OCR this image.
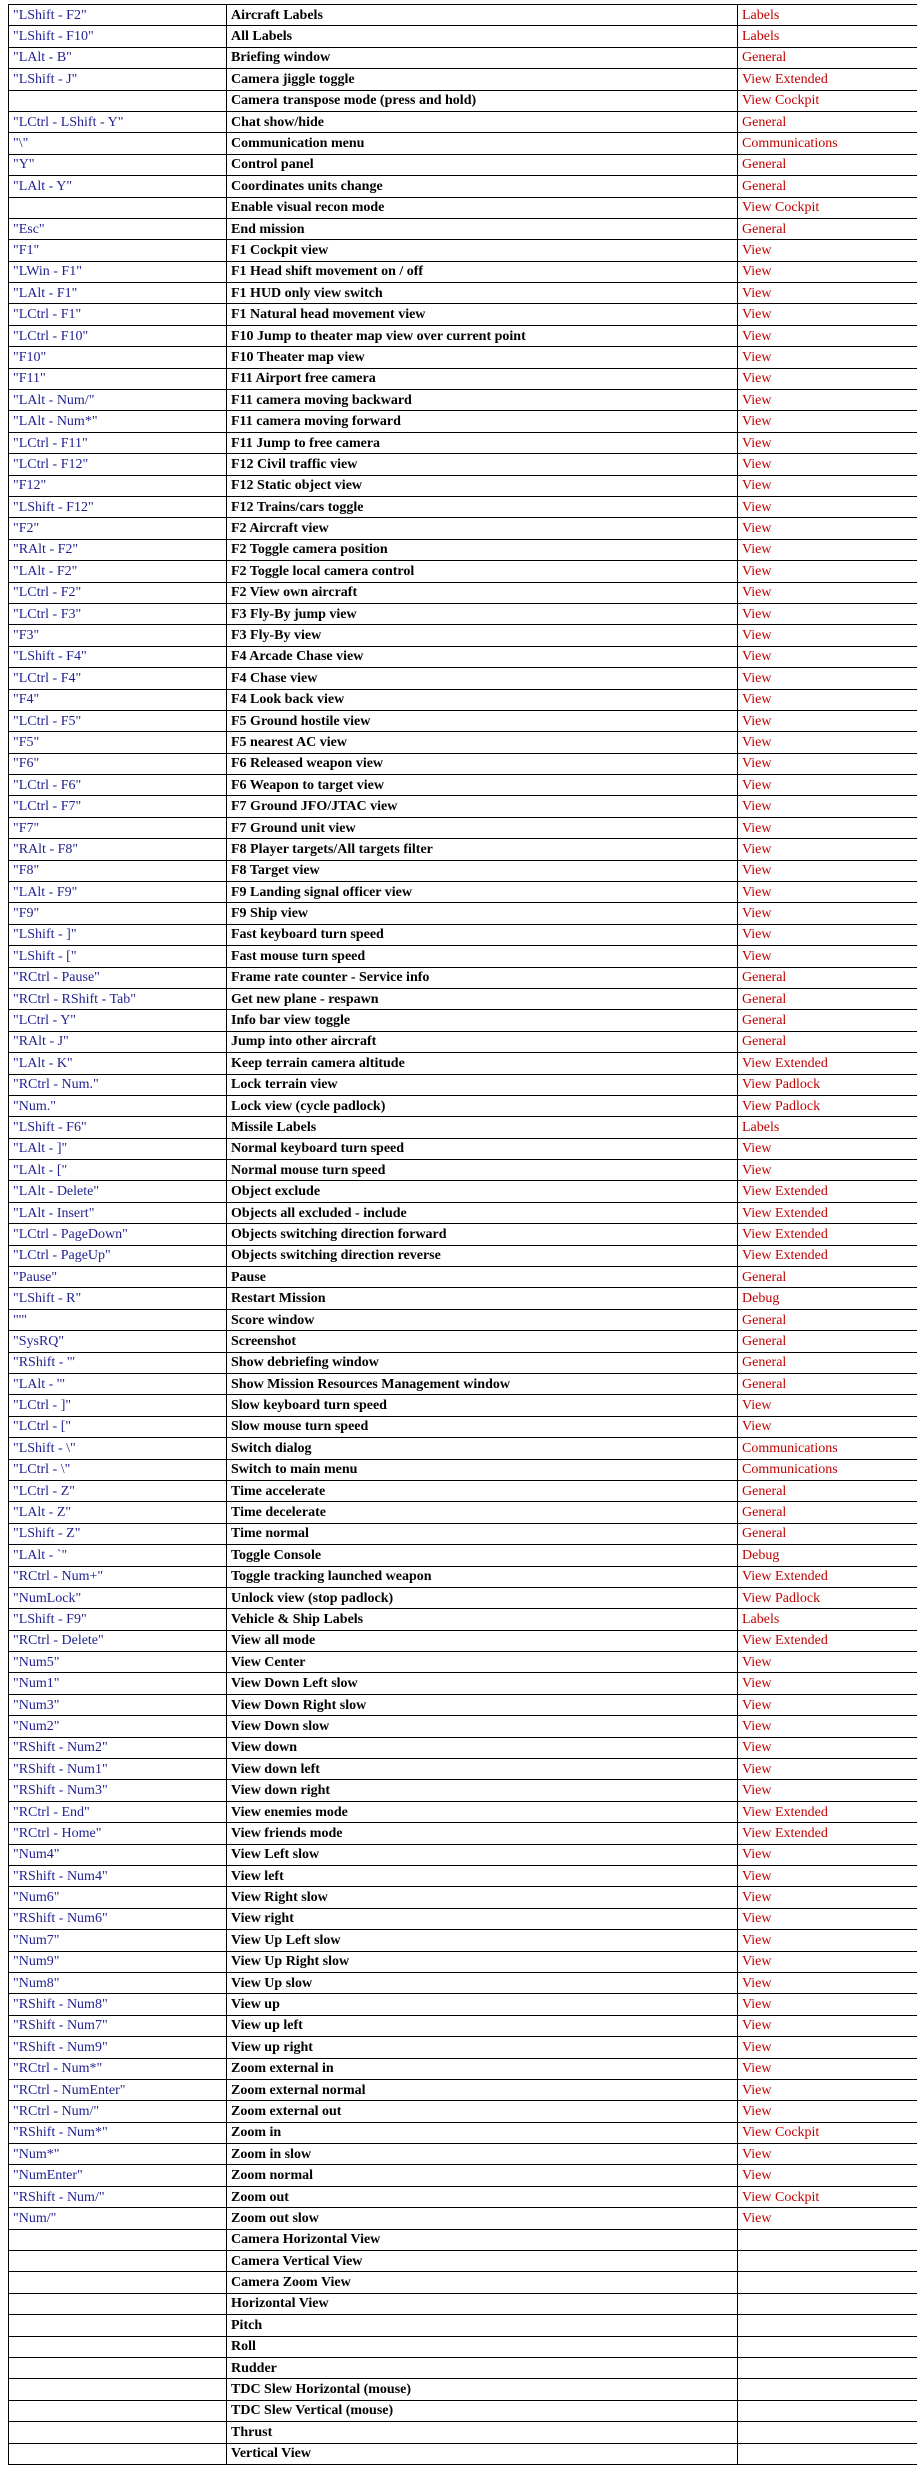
"LShift - F2"	Aircraft Labels	Labels
"LShift - F10"	All Labels	Labels
"LAlt - B"	Briefing window	General
"LShift - J"	Camera jiggle toggle	View Extended
	Camera transpose mode (press and hold)	View Cockpit
"LCtrl - LShift - Y"	Chat show/hide	General
"\"	Communication menu	Communications
"Y"	Control panel	General
"LAlt - Y"	Coordinates units change	General
	Enable visual recon mode	View Cockpit
"Esc"	End mission	General
"F1"	F1 Cockpit view	View
"LWin - F1"	F1 Head shift movement on / off	View
"LAlt - F1"	F1 HUD only view switch	View
"LCtrl - F1"	F1 Natural head movement view	View
"LCtrl - F10"	F10 Jump to theater map view over current point	View
"F10"	F10 Theater map view	View
"F11"	F11 Airport free camera	View
"LAlt - Num/"	F11 camera moving backward	View
"LAlt - Num*"	F11 camera moving forward	View
"LCtrl - F11"	F11 Jump to free camera	View
"LCtrl - F12"	F12 Civil traffic view	View
"F12"	F12 Static object view	View
"LShift - F12"	F12 Trains/cars toggle	View
"F2"	F2 Aircraft view	View
"RAlt - F2"	F2 Toggle camera position	View
"LAlt - F2"	F2 Toggle local camera control	View
"LCtrl - F2"	F2 View own aircraft	View
"LCtrl - F3"	F3 Fly-By jump view	View
"F3"	F3 Fly-By view	View
"LShift - F4"	F4 Arcade Chase view	View
"LCtrl - F4"	F4 Chase view	View
"F4"	F4 Look back view	View
"LCtrl - F5"	F5 Ground hostile view	View
"F5"	F5 nearest AC view	View
"F6"	F6 Released weapon view	View
"LCtrl - F6"	F6 Weapon to target view	View
"LCtrl - F7"	F7 Ground JFO/JTAC view	View
"F7"	F7 Ground unit view	View
"RAlt - F8"	F8 Player targets/All targets filter	View
"F8"	F8 Target view	View
"LAlt - F9"	F9 Landing signal officer view	View
"F9"	F9 Ship view	View
"LShift - ]"	Fast keyboard turn speed	View
"LShift - ["	Fast mouse turn speed	View
"RCtrl - Pause"	Frame rate counter - Service info	General
"RCtrl - RShift - Tab"	Get new plane - respawn	General
"LCtrl - Y"	Info bar view toggle	General
"RAlt - J"	Jump into other aircraft	General
"LAlt - K"	Keep terrain camera altitude	View Extended
"RCtrl - Num."	Lock terrain view	View Padlock
"Num."	Lock view (cycle padlock)	View Padlock
"LShift - F6"	Missile Labels	Labels
"LAlt - ]"	Normal keyboard turn speed	View
"LAlt - ["	Normal mouse turn speed	View
"LAlt - Delete"	Object exclude	View Extended
"LAlt - Insert"	Objects all excluded - include	View Extended
"LCtrl - PageDown"	Objects switching direction forward	View Extended
"LCtrl - PageUp"	Objects switching direction reverse	View Extended
"Pause"	Pause	General
"LShift - R"	Restart Mission	Debug
"'"	Score window	General
"SysRQ"	Screenshot	General
"RShift - '"	Show debriefing window	General
"LAlt - '"	Show Mission Resources Management window	General
"LCtrl - ]"	Slow keyboard turn speed	View
"LCtrl - ["	Slow mouse turn speed	View
"LShift - \"	Switch dialog	Communications
"LCtrl - \"	Switch to main menu	Communications
"LCtrl - Z"	Time accelerate	General
"LAlt - Z"	Time decelerate	General
"LShift - Z"	Time normal	General
"LAlt - `"	Toggle Console	Debug
"RCtrl - Num+"	Toggle tracking launched weapon	View Extended
"NumLock"	Unlock view (stop padlock)	View Padlock
"LShift - F9"	Vehicle & Ship Labels	Labels
"RCtrl - Delete"	View all mode	View Extended
"Num5"	View Center	View
"Num1"	View Down Left slow	View
"Num3"	View Down Right slow	View
"Num2"	View Down slow	View
"RShift - Num2"	View down	View
"RShift - Num1"	View down left	View
"RShift - Num3"	View down right	View
"RCtrl - End"	View enemies mode	View Extended
"RCtrl - Home"	View friends mode	View Extended
"Num4"	View Left slow	View
"RShift - Num4"	View left	View
"Num6"	View Right slow	View
"RShift - Num6"	View right	View
"Num7"	View Up Left slow	View
"Num9"	View Up Right slow	View
"Num8"	View Up slow	View
"RShift - Num8"	View up	View
"RShift - Num7"	View up left	View
"RShift - Num9"	View up right	View
"RCtrl - Num*"	Zoom external in	View
"RCtrl - NumEnter"	Zoom external normal	View
"RCtrl - Num/"	Zoom external out	View
"RShift - Num*"	Zoom in	View Cockpit
"Num*"	Zoom in slow	View
"NumEnter"	Zoom normal	View
"RShift - Num/"	Zoom out	View Cockpit
"Num/"	Zoom out slow	View
	Camera Horizontal View	
	Camera Vertical View	
	Camera Zoom View	
	Horizontal View	
	Pitch	
	Roll	
	Rudder	
	TDC Slew Horizontal (mouse)	
	TDC Slew Vertical (mouse)	
	Thrust	
	Vertical View	
